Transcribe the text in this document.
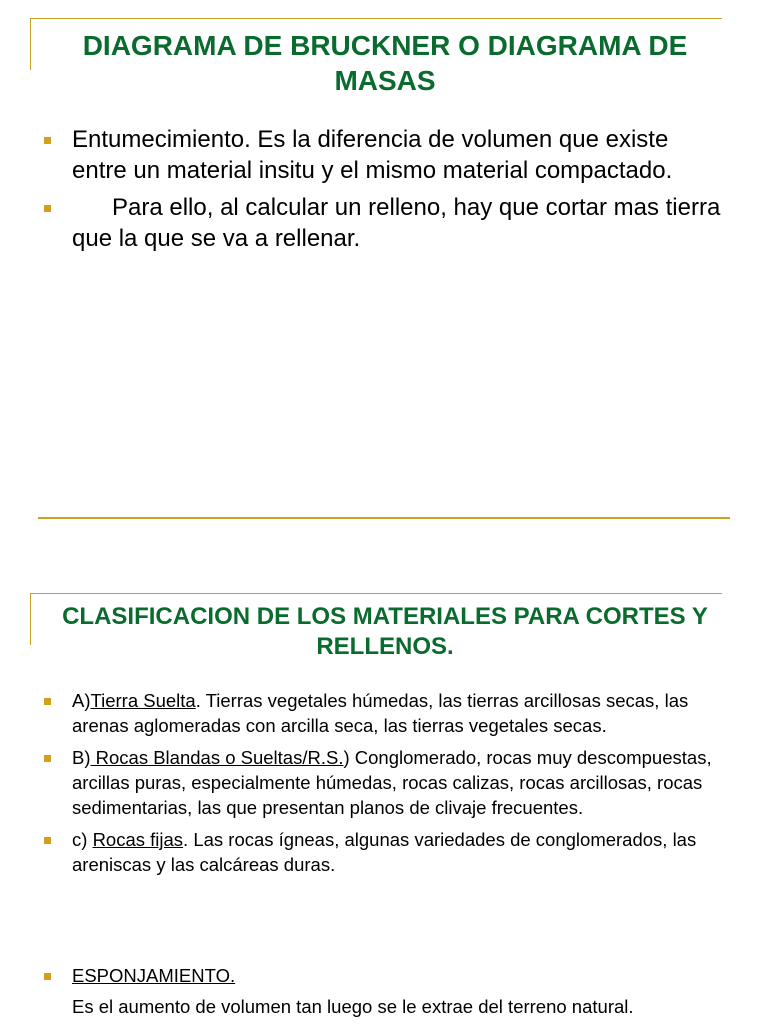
DIAGRAMA DE BRUCKNER O DIAGRAMA DE MASAS
Entumecimiento. Es la diferencia de volumen que existe entre un material insitu y el mismo material compactado.
Para ello, al calcular un relleno, hay que cortar mas tierra que la que se va a rellenar.
CLASIFICACION DE LOS MATERIALES PARA CORTES Y RELLENOS.
A)Tierra Suelta. Tierras vegetales húmedas, las tierras arcillosas secas, las arenas aglomeradas con arcilla seca, las tierras vegetales secas.
B) Rocas Blandas o Sueltas/R.S.) Conglomerado, rocas muy descompuestas, arcillas puras, especialmente húmedas, rocas calizas, rocas arcillosas, rocas sedimentarias, las que presentan planos de clivaje frecuentes.
c) Rocas fijas. Las rocas ígneas, algunas variedades de conglomerados, las areniscas y las calcáreas duras.
ESPONJAMIENTO.
Es el aumento de volumen tan luego se le extrae del terreno natural.
